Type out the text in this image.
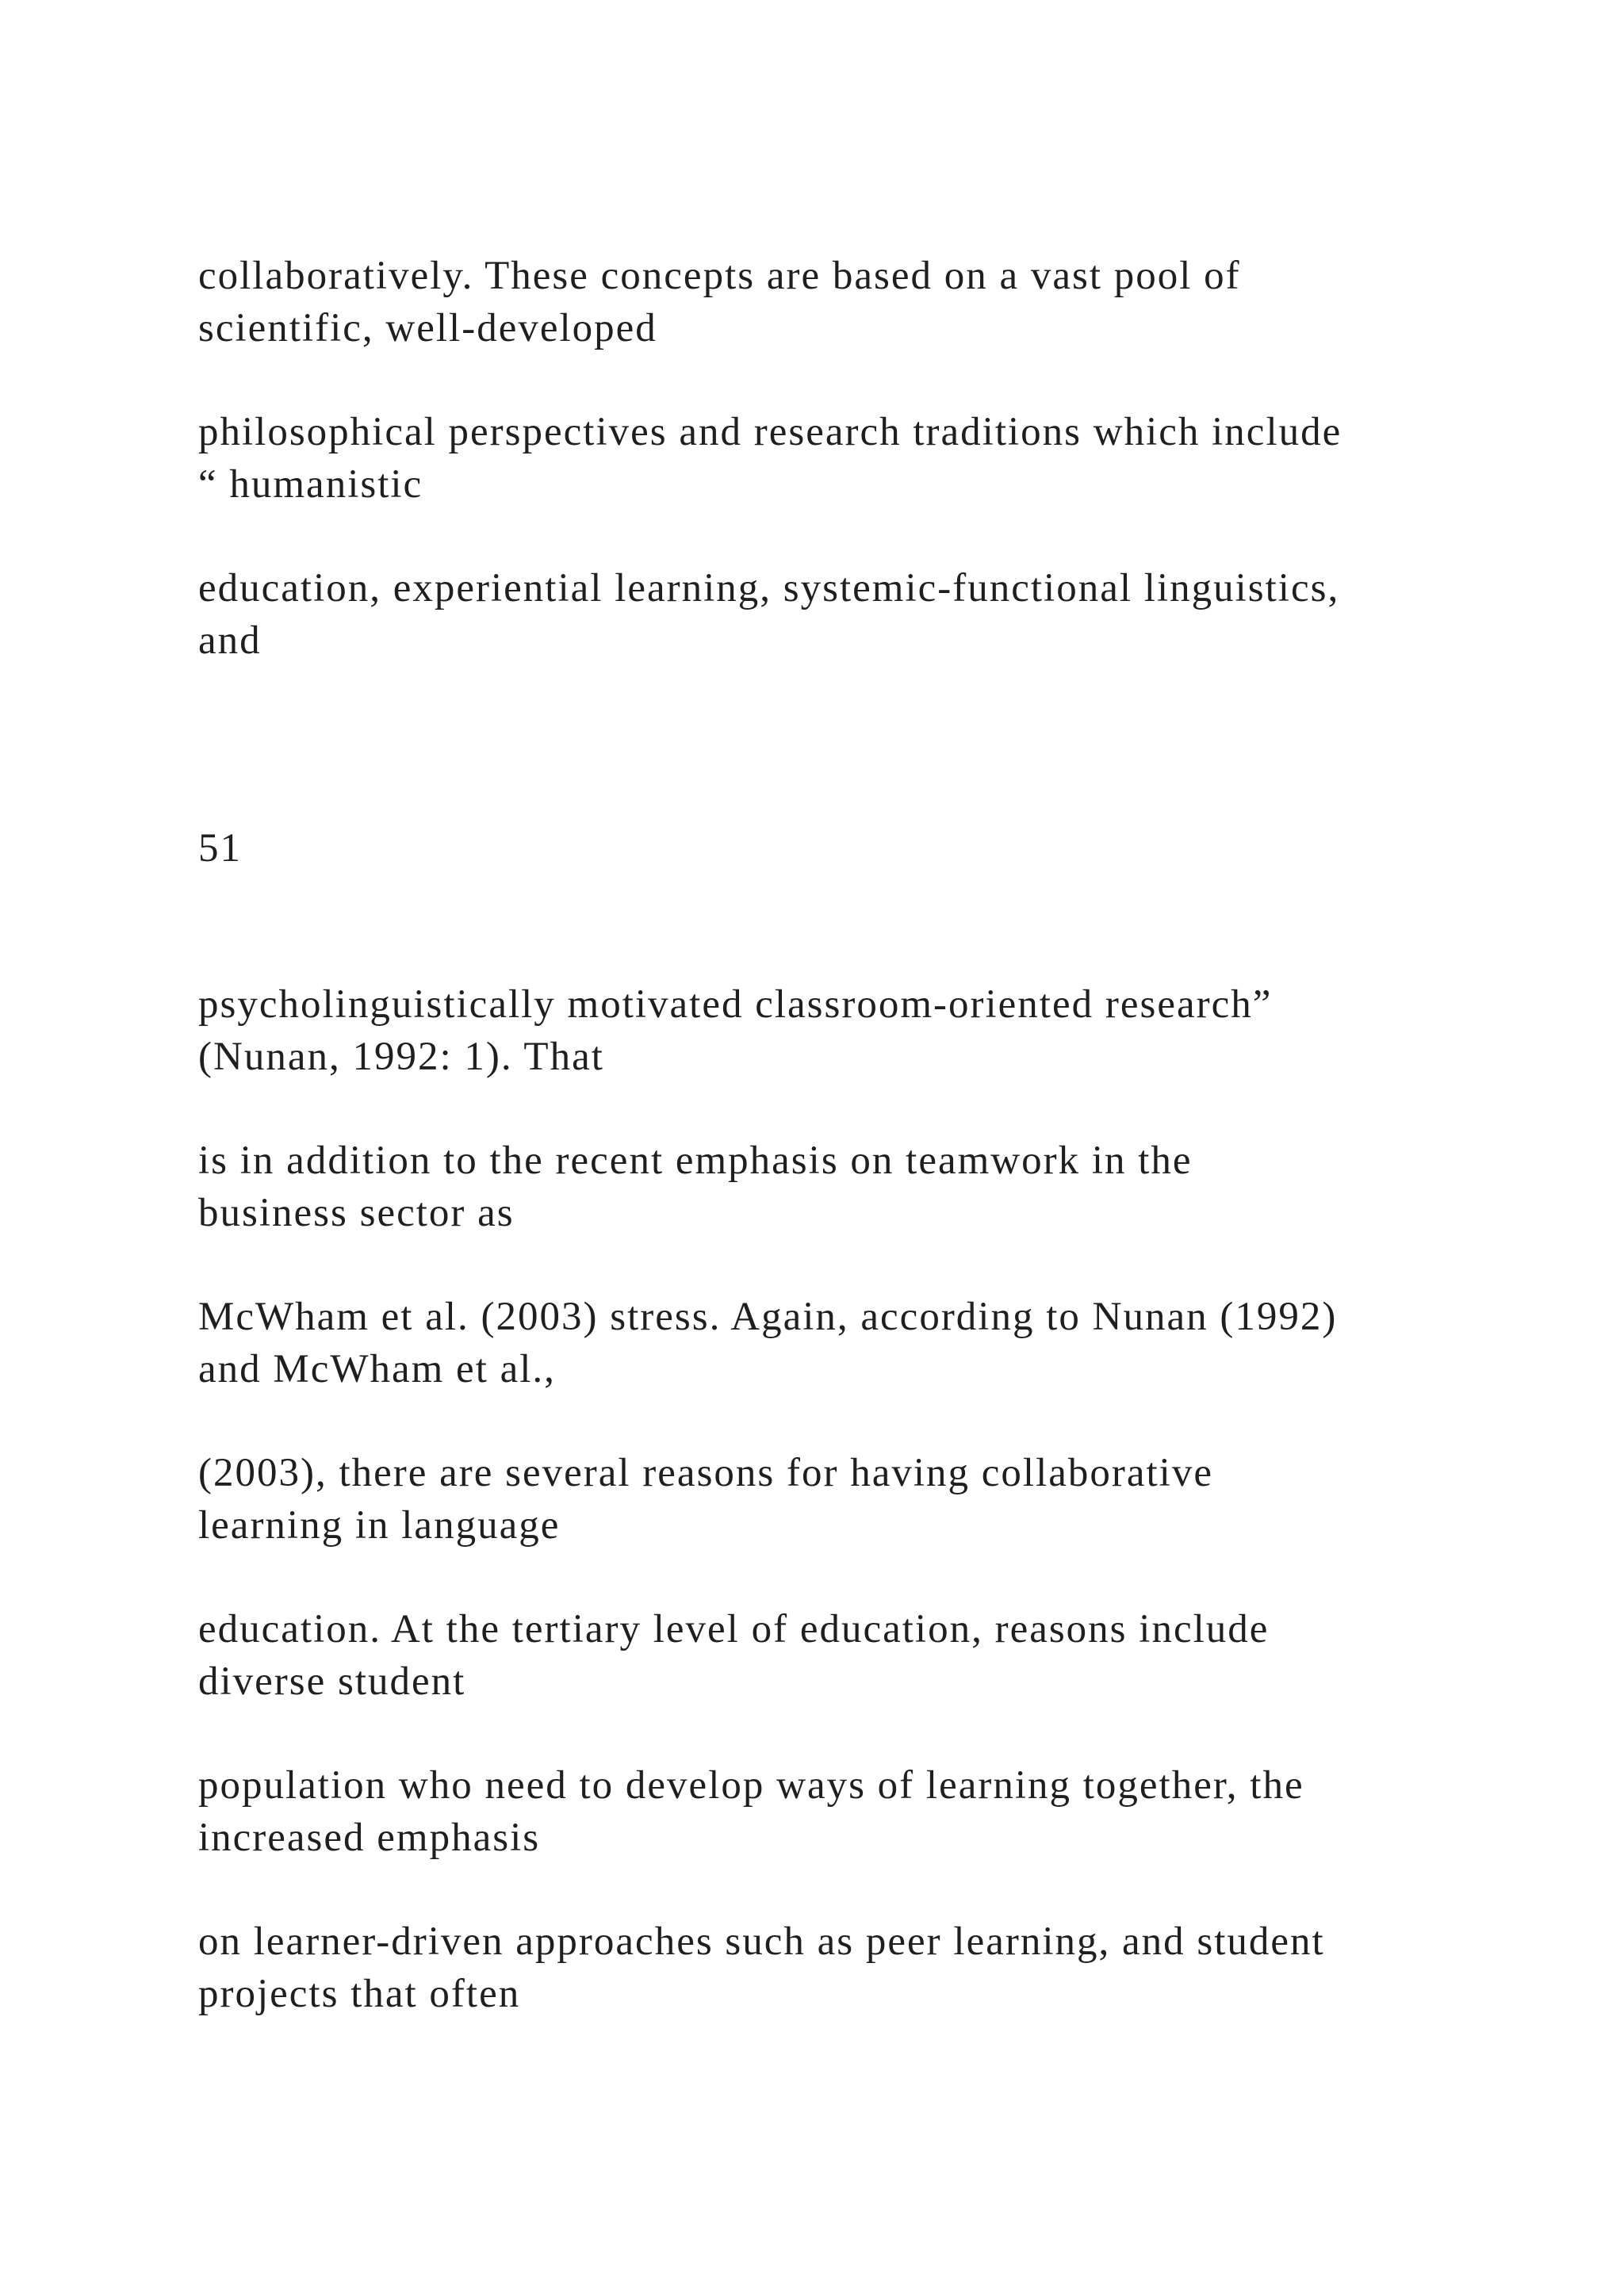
collaboratively. These concepts are based on a vast pool of
scientific, well-developed
philosophical perspectives and research traditions which include
“ humanistic
education, experiential learning, systemic-functional linguistics,
and
51
psycholinguistically motivated classroom-oriented research”
(Nunan, 1992: 1). That
is in addition to the recent emphasis on teamwork in the
business sector as
McWham et al. (2003) stress. Again, according to Nunan (1992)
and McWham et al.,
(2003), there are several reasons for having collaborative
learning in language
education. At the tertiary level of education, reasons include
diverse student
population who need to develop ways of learning together, the
increased emphasis
on learner-driven approaches such as peer learning, and student
projects that often
